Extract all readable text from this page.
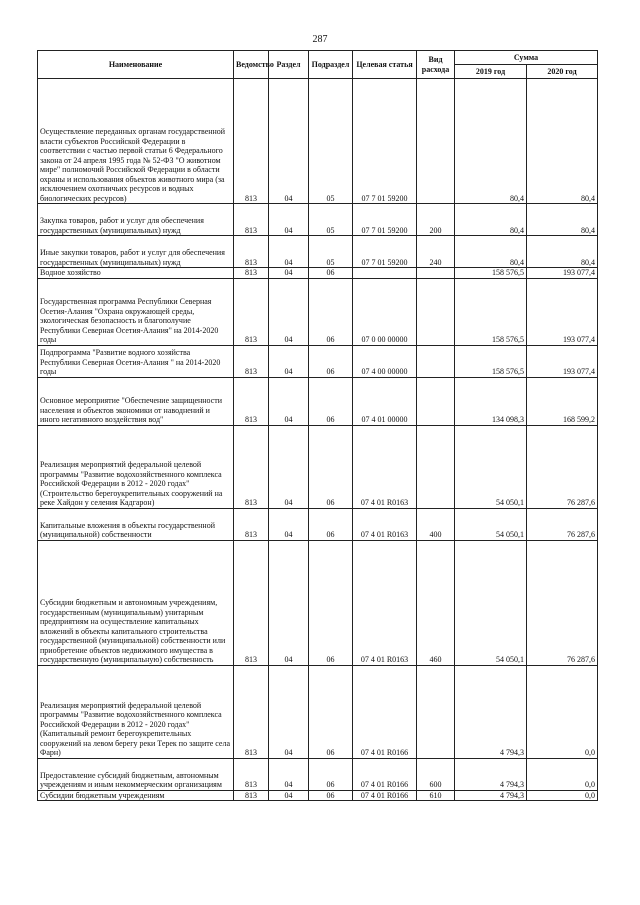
287
Наименование	Ведомство	Раздел	Подраздел	Целевая статья	Вид расхода	Сумма	
						2019 год	2020 год
Осуществление переданных органам государственной власти субъектов Российской Федерации в соответствии с частью первой статьи 6 Федерального закона от 24 апреля 1995 года № 52-ФЗ "О животном мире" полномочий Российской Федерации в области охраны и использования объектов животного мира (за исключением охотничьих ресурсов и водных биологических ресурсов)	813	04	05	07 7 01 59200		80,4	80,4
Закупка товаров, работ и услуг для обеспечения государственных (муниципальных) нужд	813	04	05	07 7 01 59200	200	80,4	80,4
Иные закупки товаров, работ и услуг для обеспечения государственных (муниципальных) нужд	813	04	05	07 7 01 59200	240	80,4	80,4
Водное хозяйство	813	04	06			158 576,5	193 077,4
Государственная программа Республики Северная Осетия-Алания "Охрана окружающей среды, экологическая безопасность и благополучие Республики Северная Осетия-Алания" на 2014-2020 годы	813	04	06	07 0 00 00000		158 576,5	193 077,4
Подпрограмма "Развитие водного хозяйства Республики Северная Осетия-Алания " на 2014-2020 годы	813	04	06	07 4 00 00000		158 576,5	193 077,4
Основное мероприятие "Обеспечение защищенности населения и объектов экономики от наводнений и иного негативного воздействия вод"	813	04	06	07 4 01 00000		134 098,3	168 599,2
Реализация мероприятий федеральной целевой программы "Развитие водохозяйственного комплекса Российской Федерации в 2012 - 2020 годах" (Строительство берегоукрепительных сооружений на реке Хайдон у селения Кадгарон)	813	04	06	07 4 01 R0163		54 050,1	76 287,6
Капитальные вложения в объекты государственной (муниципальной) собственности	813	04	06	07 4 01 R0163	400	54 050,1	76 287,6
Субсидии бюджетным и автономным учреждениям, государственным (муниципальным) унитарным предприятиям на осуществление капитальных вложений в объекты капитального строительства государственной (муниципальной) собственности или приобретение объектов недвижимого имущества в государственную (муниципальную) собственность	813	04	06	07 4 01 R0163	460	54 050,1	76 287,6
Реализация мероприятий федеральной целевой программы "Развитие водохозяйственного комплекса Российской Федерации в 2012 - 2020 годах" (Капитальный ремонт берегоукрепительных сооружений на левом берегу реки Терек по защите села Фарн)	813	04	06	07 4 01 R0166		4 794,3	0,0
Предоставление субсидий бюджетным, автономным учреждениям и иным некоммерческим организациям	813	04	06	07 4 01 R0166	600	4 794,3	0,0
Субсидии бюджетным учреждениям	813	04	06	07 4 01 R0166	610	4 794,3	0,0
